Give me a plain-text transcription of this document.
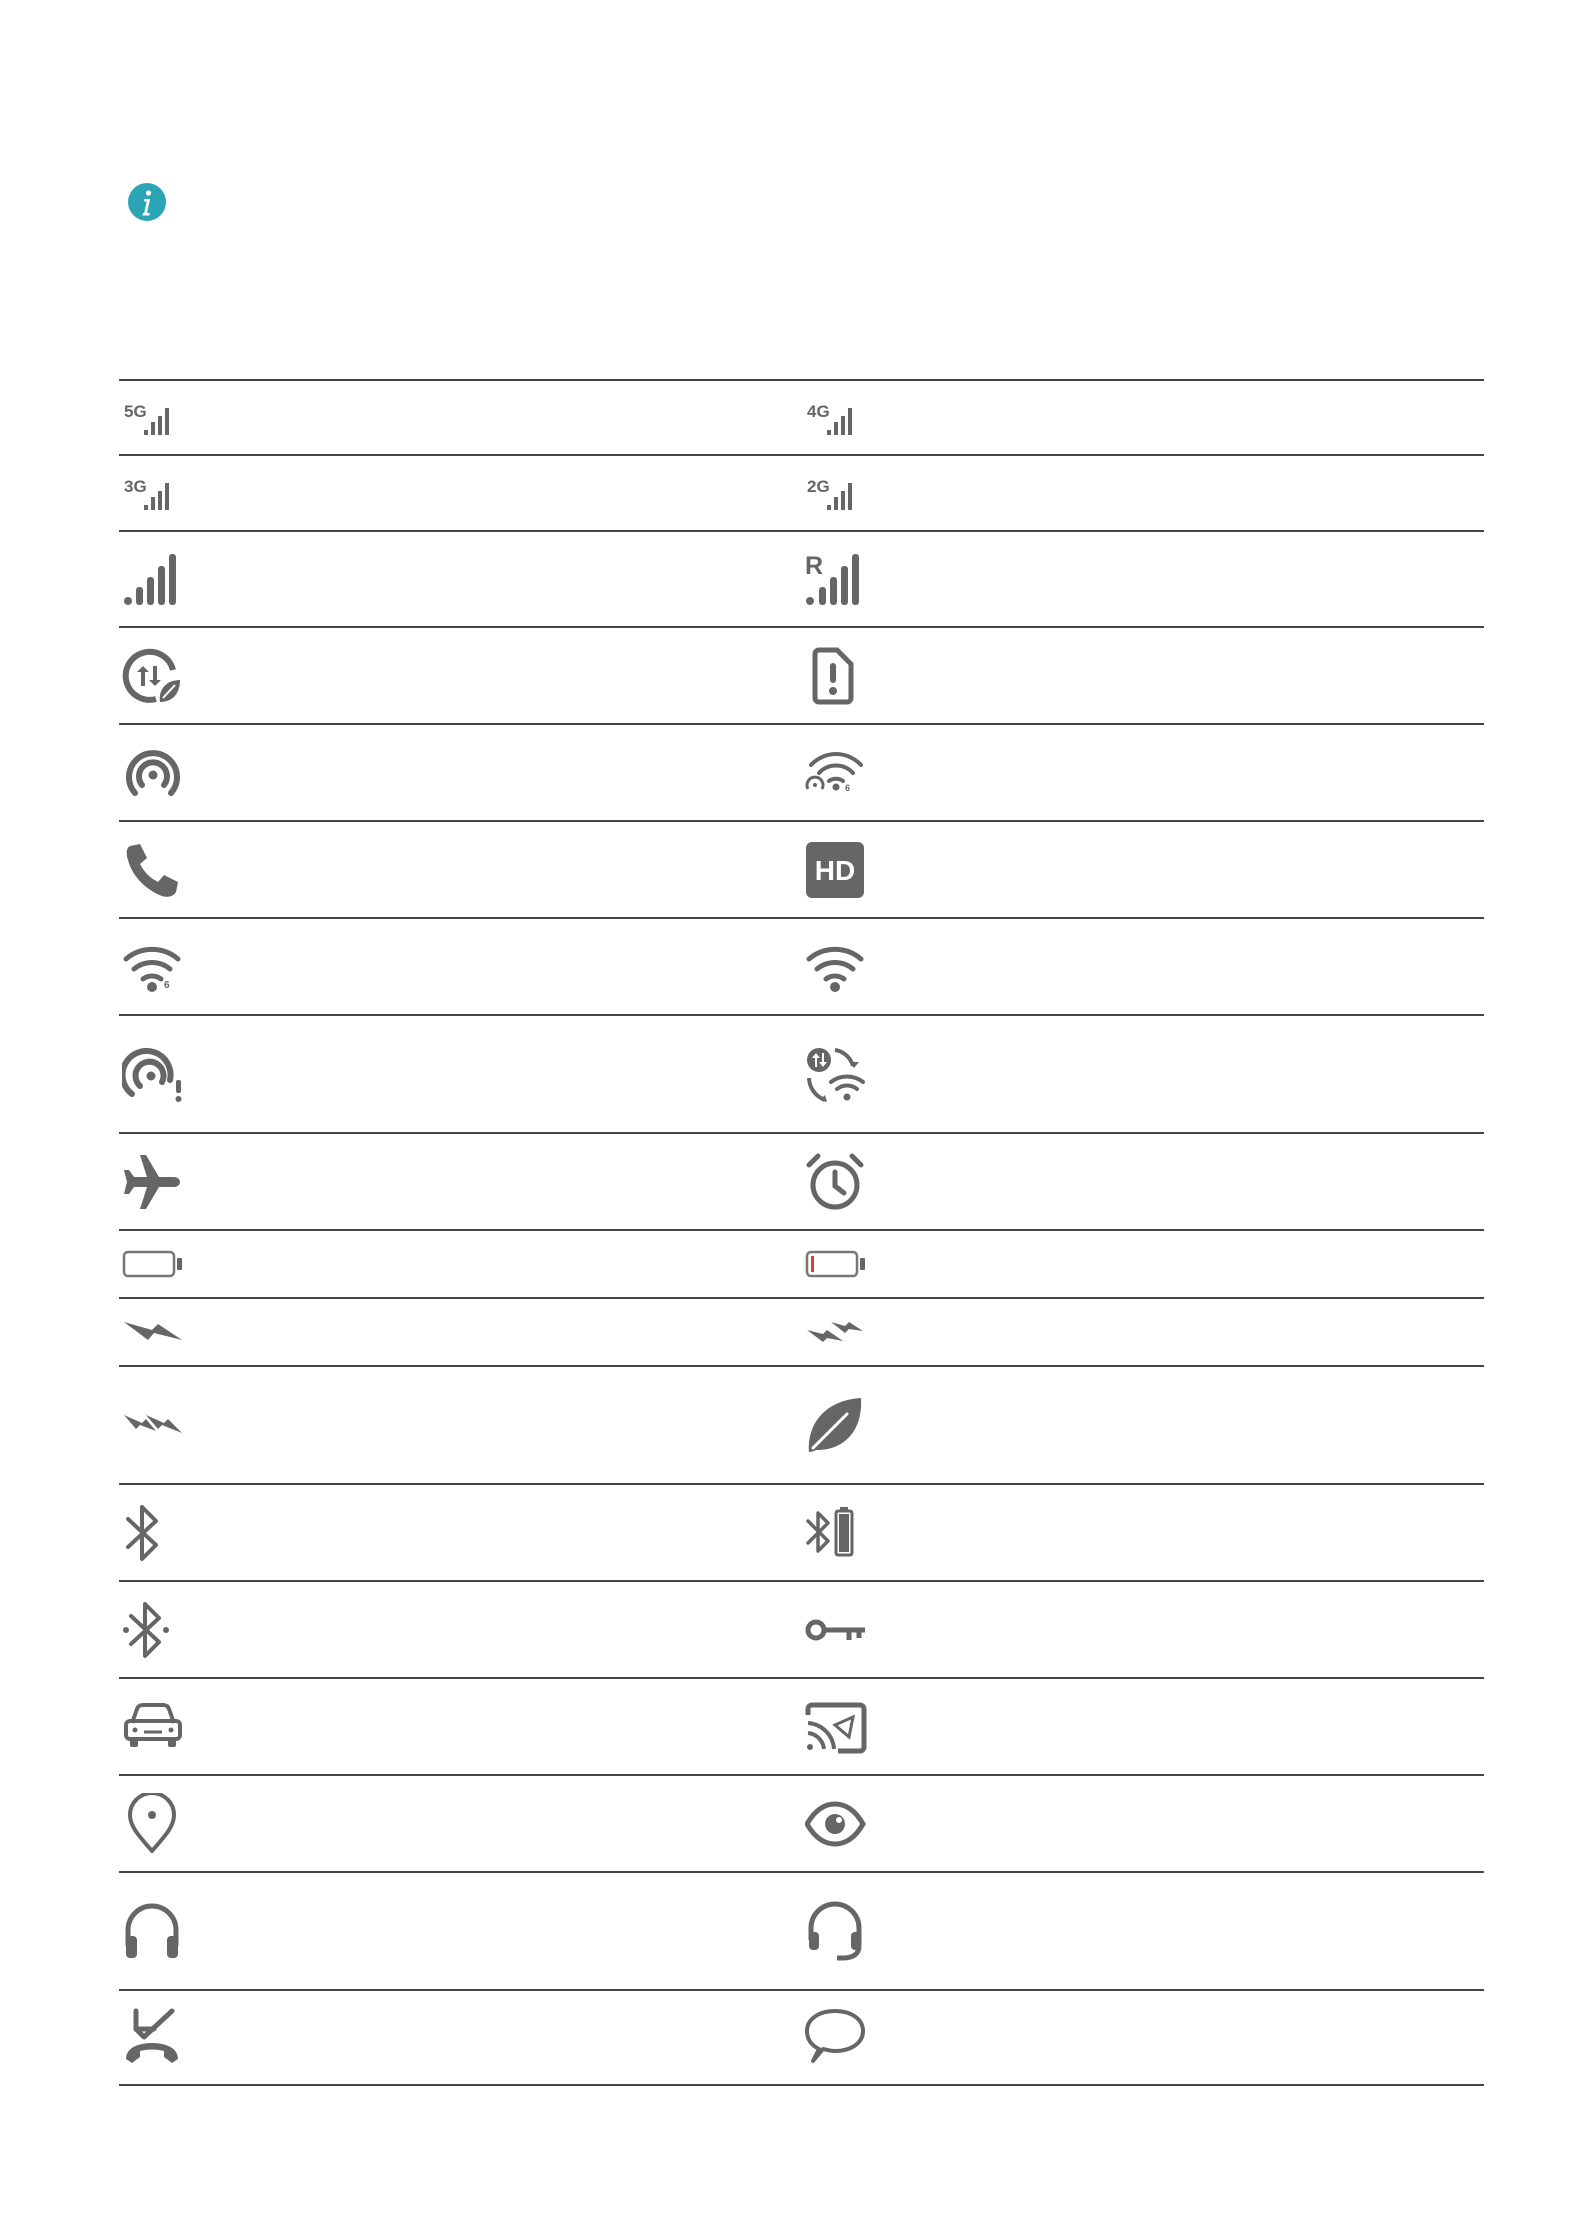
5G	4G
3G	2G
R
6
HD
6
